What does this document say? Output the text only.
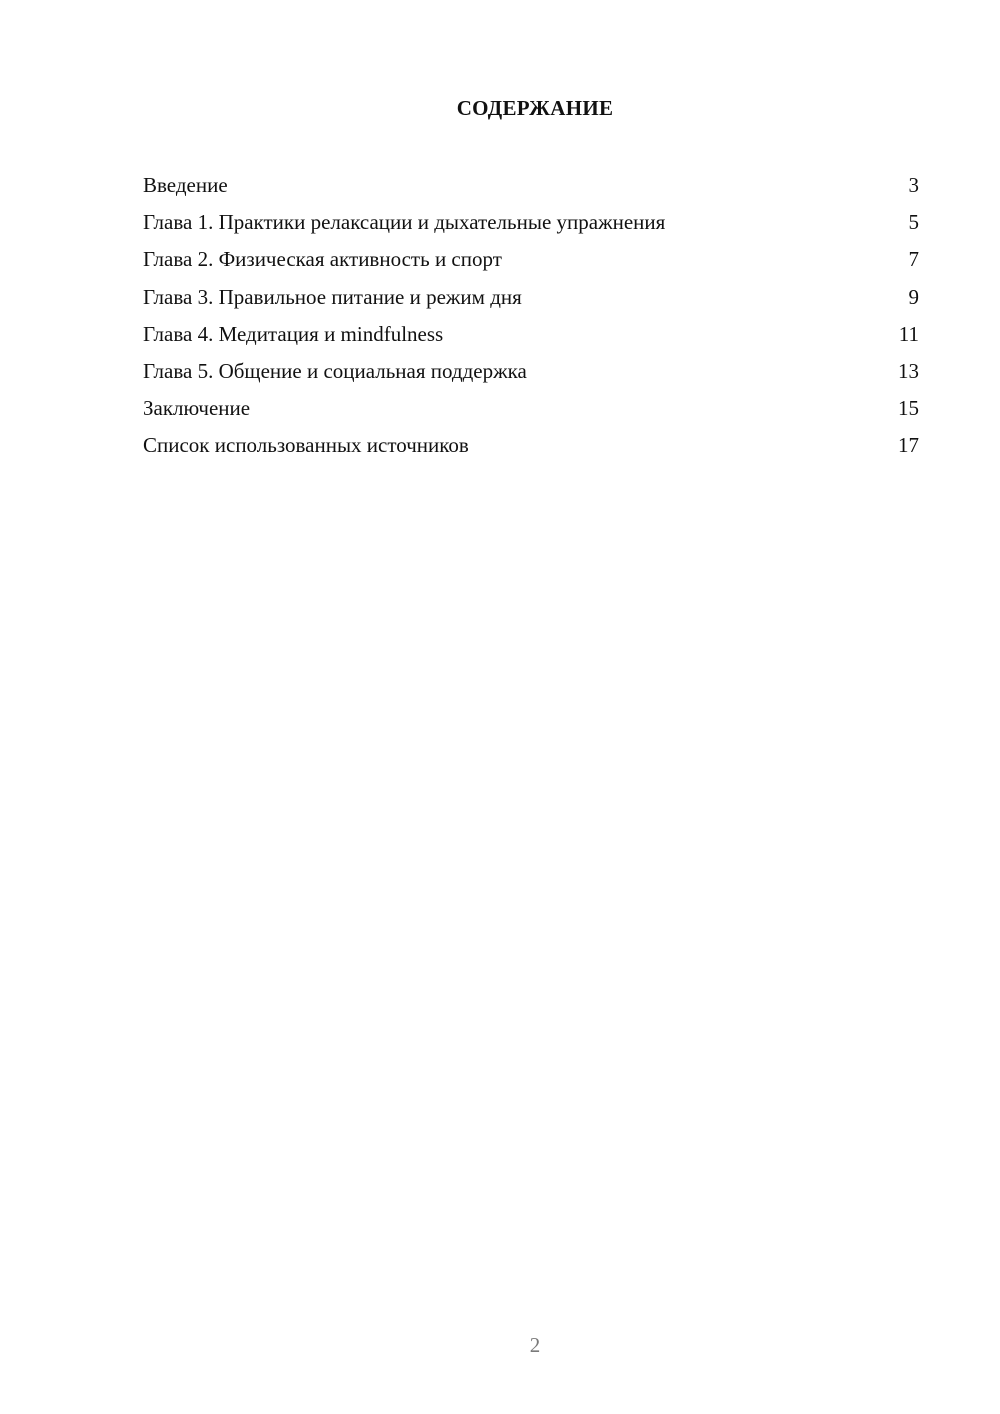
СОДЕРЖАНИЕ
Введение	3
Глава 1. Практики релаксации и дыхательные упражнения	5
Глава 2. Физическая активность и спорт	7
Глава 3. Правильное питание и режим дня	9
Глава 4. Медитация и mindfulness	11
Глава 5. Общение и социальная поддержка	13
Заключение	15
Список использованных источников	17
2
